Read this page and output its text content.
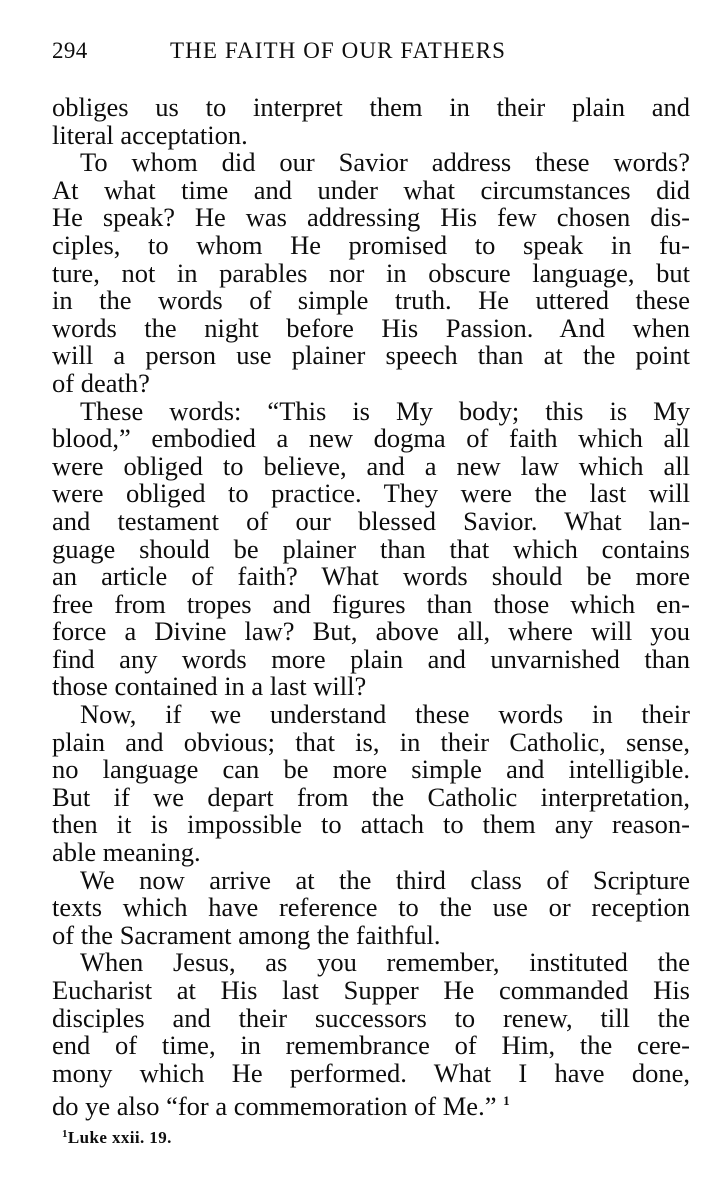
294	THE FAITH OF OUR FATHERS
obliges us to interpret them in their plain and
literal acceptation.
To whom did our Savior address these words?
At what time and under what circumstances did
He speak? He was addressing His few chosen dis-
ciples, to whom He promised to speak in fu-
ture, not in parables nor in obscure language, but
in the words of simple truth. He uttered these
words the night before His Passion. And when
will a person use plainer speech than at the point
of death?
These words: “This is My body; this is My
blood,” embodied a new dogma of faith which all
were obliged to believe, and a new law which all
were obliged to practice. They were the last will
and testament of our blessed Savior. What lan-
guage should be plainer than that which contains
an article of faith? What words should be more
free from tropes and figures than those which en-
force a Divine law? But, above all, where will you
find any words more plain and unvarnished than
those contained in a last will?
Now, if we understand these words in their
plain and obvious; that is, in their Catholic, sense,
no language can be more simple and intelligible.
But if we depart from the Catholic interpretation,
then it is impossible to attach to them any reason-
able meaning.
We now arrive at the third class of Scripture
texts which have reference to the use or reception
of the Sacrament among the faithful.
When Jesus, as you remember, instituted the
Eucharist at His last Supper He commanded His
disciples and their successors to renew, till the
end of time, in remembrance of Him, the cere-
mony which He performed. What I have done,
do ye also “for a commemoration of Me.” $^1$
$^1$Luke xxii. 19.
